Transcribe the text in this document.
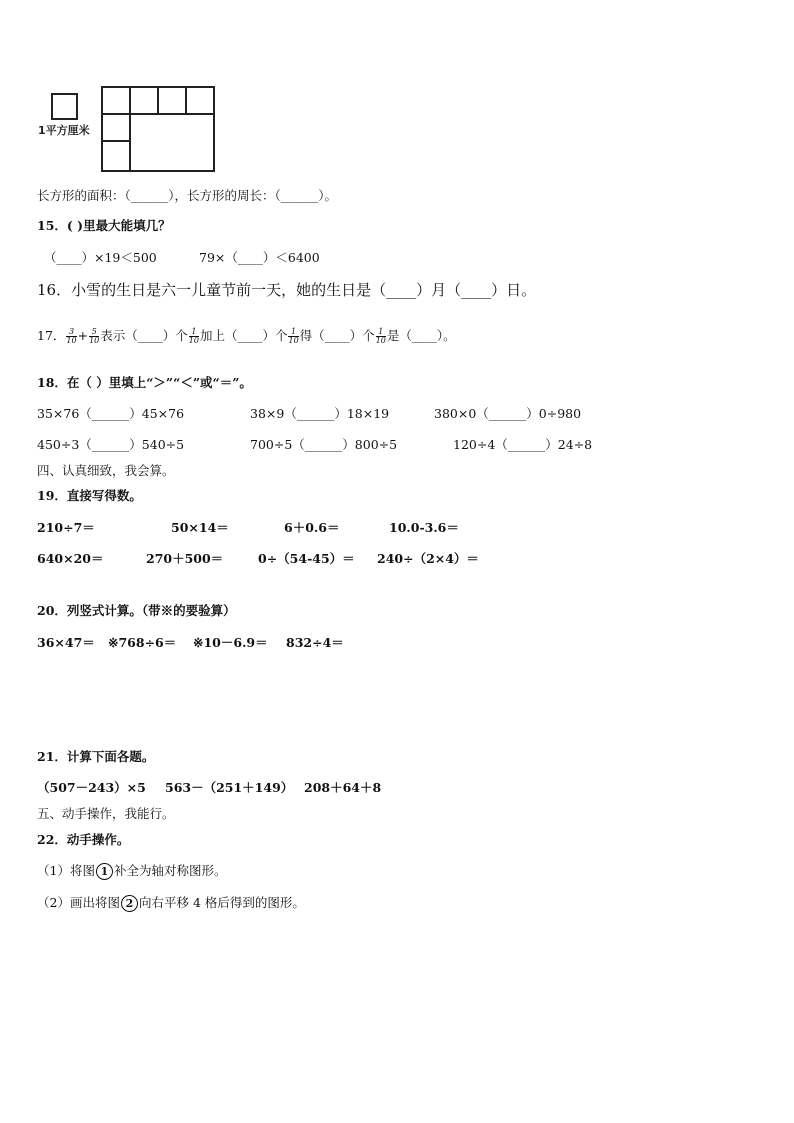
1平方厘米
长方形的面积：（______），长方形的周长：（______）。
15．( )里最大能填几？
（____）×19＜500	79×（____）＜6400
16．小雪的生日是六一儿童节前一天，她的生日是（____）月（____）日。
17． $\frac{3}{10} + \frac{5}{10}$ 表示（____）个 $\frac{1}{10}$ 加上（____）个 $\frac{1}{10}$ 得（____）个 $\frac{1}{10}$ 是（____）。
18．在（ ）里填上“＞”“＜”或“＝”。
35×76（______）45×76	38×9（______）18×19	380×0（______）0÷980
450÷3（______）540÷5	700÷5（______）800÷5	120÷4（______）24÷8
四、认真细致，我会算。
19．直接写得数。
210÷7＝	50×14＝	6＋0.6＝	10.0-3.6＝
640×20＝	270＋500＝	0÷（54-45）＝ 240÷（2×4）＝
20．列竖式计算。（带※的要验算）
36×47＝ ※768÷6＝ ※10－6.9＝ 832÷4＝
21．计算下面各题。
（507－243）×5 563－（251＋149） 208＋64＋8
五、动手操作，我能行。
22．动手操作。
（1）将图 1 补全为轴对称图形。
（2）画出将图 2 向右平移 4 格后得到的图形。
